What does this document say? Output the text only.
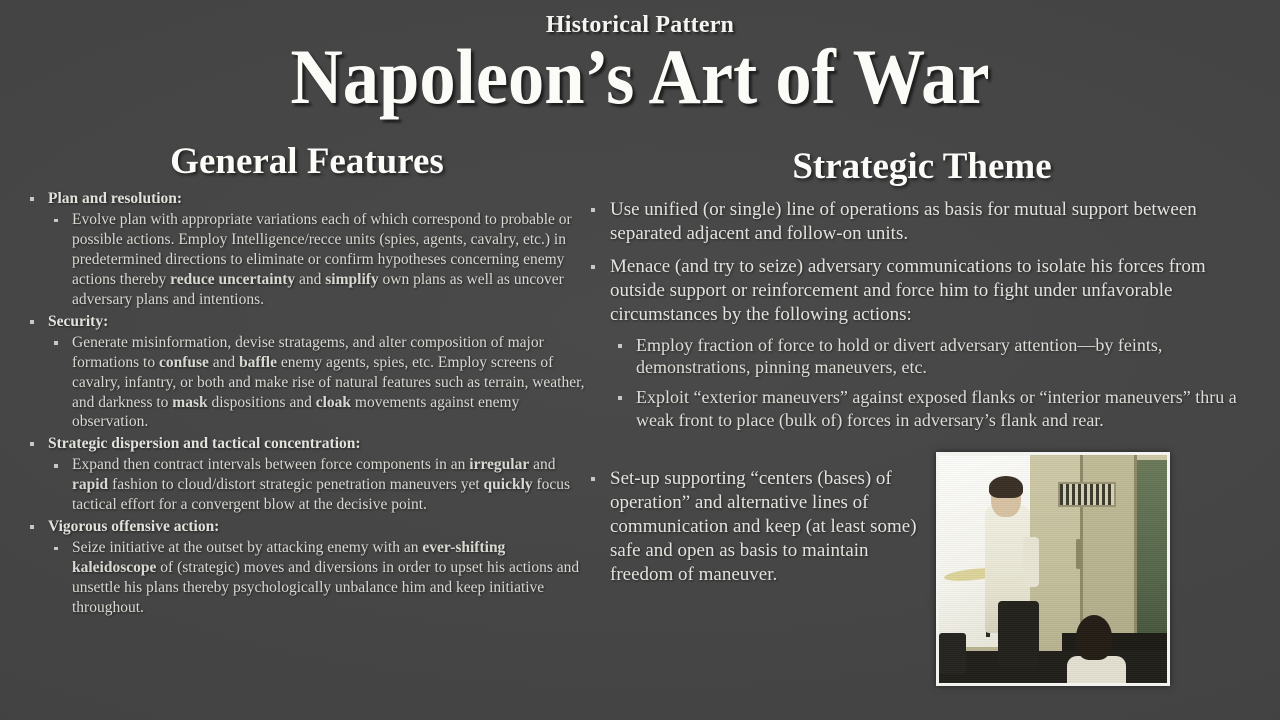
Historical Pattern
Napoleon’s Art of War
General Features
Plan and resolution:
Evolve plan with appropriate variations each of which correspond to probable or possible actions. Employ Intelligence/recce units (spies, agents, cavalry, etc.) in predetermined directions to eliminate or confirm hypotheses concerning enemy actions thereby reduce uncertainty and simplify own plans as well as uncover adversary plans and intentions.
Security:
Generate misinformation, devise stratagems, and alter composition of major formations to confuse and baffle enemy agents, spies, etc. Employ screens of cavalry, infantry, or both and make rise of natural features such as terrain, weather, and darkness to mask dispositions and cloak movements against enemy observation.
Strategic dispersion and tactical concentration:
Expand then contract intervals between force components in an irregular and rapid fashion to cloud/distort strategic penetration maneuvers yet quickly focus tactical effort for a convergent blow at the decisive point.
Vigorous offensive action:
Seize initiative at the outset by attacking enemy with an ever-shifting kaleidoscope of (strategic) moves and diversions in order to upset his actions and unsettle his plans thereby psychologically unbalance him and keep initiative throughout.
Strategic Theme
Use unified (or single) line of operations as basis for mutual support between separated adjacent and follow-on units.
Menace (and try to seize) adversary communications to isolate his forces from outside support or reinforcement and force him to fight under unfavorable circumstances by the following actions:
Employ fraction of force to hold or divert adversary attention—by feints, demonstrations, pinning maneuvers, etc.
Exploit “exterior maneuvers” against exposed flanks or “interior maneuvers” thru a weak front to place (bulk of) forces in adversary’s flank and rear.
Set-up supporting “centers (bases) of operation” and alternative lines of communication and keep (at least some) safe and open as basis to maintain freedom of maneuver.
